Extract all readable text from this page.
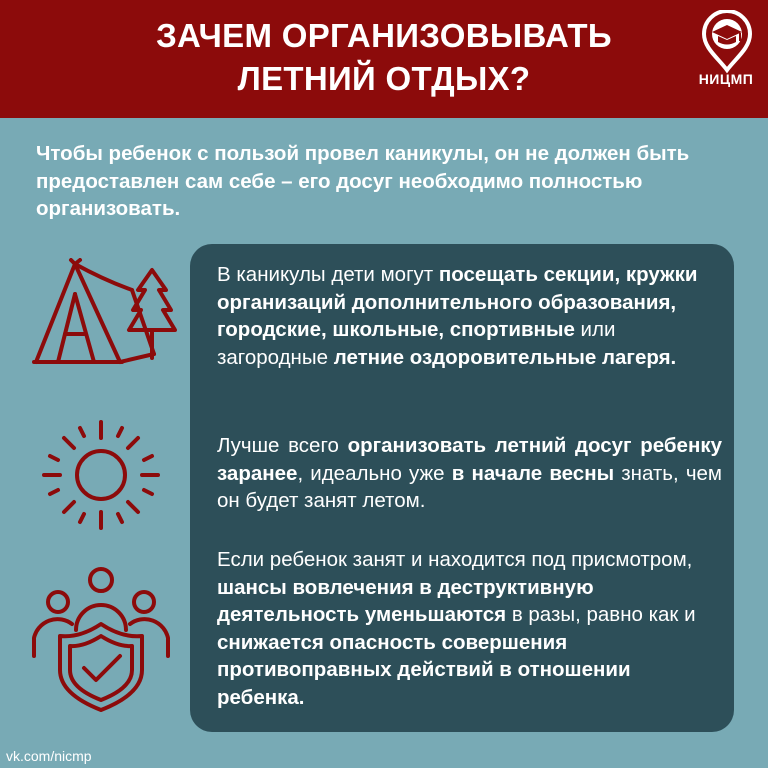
ЗАЧЕМ ОРГАНИЗОВЫВАТЬ
ЛЕТНИЙ ОТДЫХ?	НИЦМП
Чтобы ребенок с пользой провел каникулы, он не должен быть предоставлен сам себе – его досуг необходимо полностью организовать.
В каникулы дети могут посещать секции, кружки организаций дополнительного образования, городские, школьные, спортивные или загородные летние оздоровительные лагеря.
Лучше всего организовать летний досуг ребенку заранее, идеально уже в начале весны знать, чем он будет занят летом.
Если ребенок занят и находится под присмотром, шансы вовлечения в деструктивную деятельность уменьшаются в разы, равно как и снижается опасность совершения противоправных действий в отношении ребенка.
vk.com/nicmp
